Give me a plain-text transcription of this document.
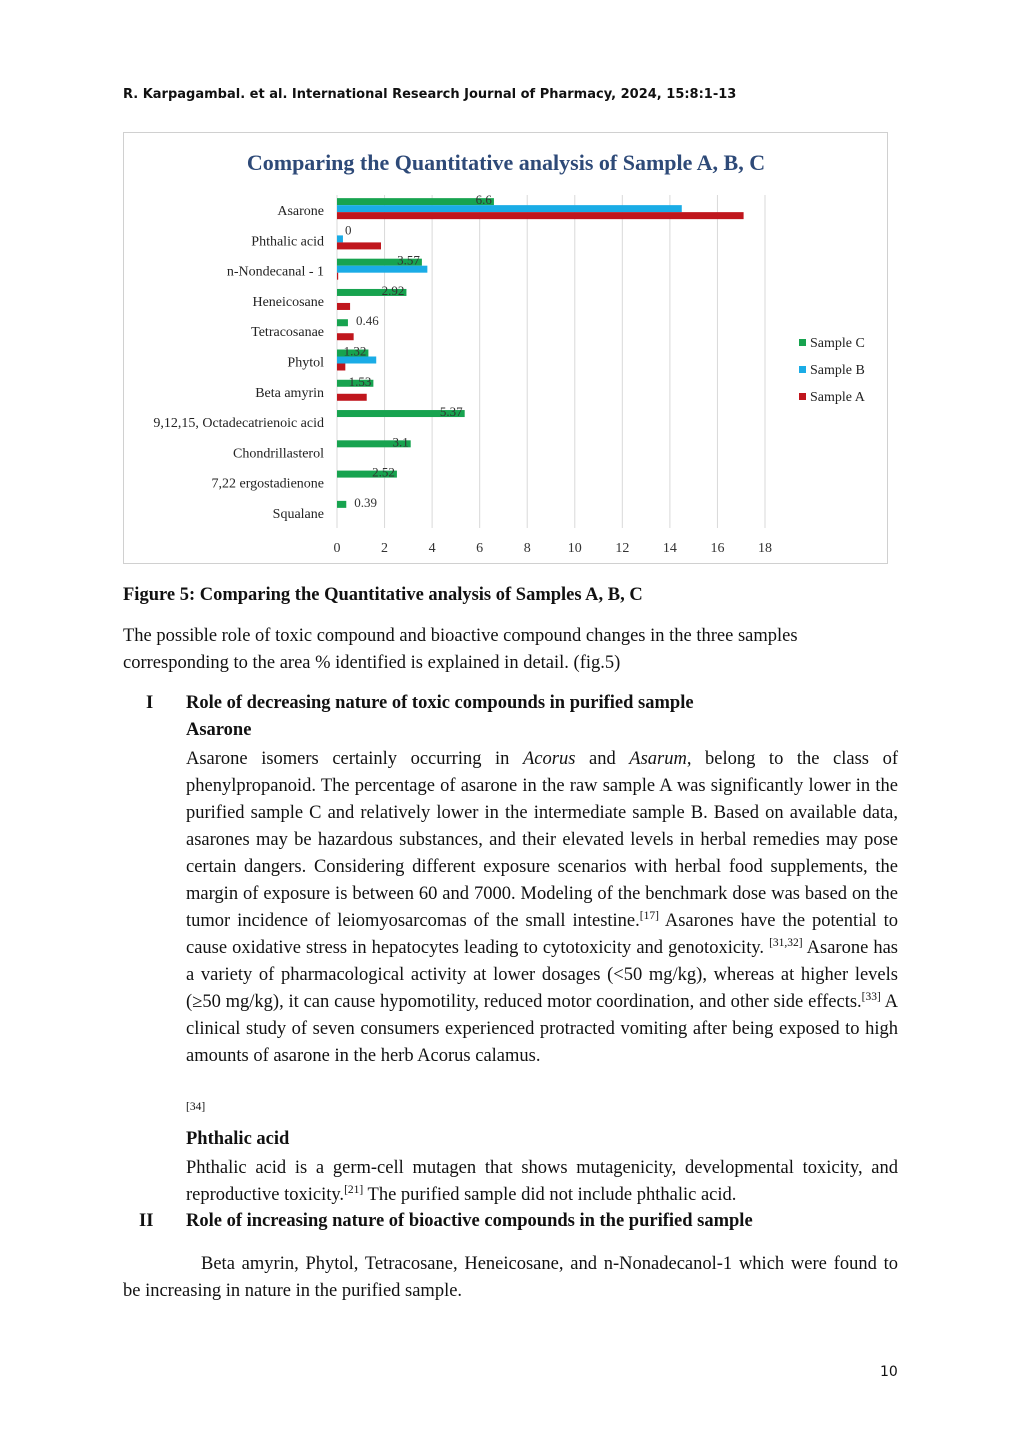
R. Karpagambal. et al. International Research Journal of Pharmacy, 2024, 15:8:1-13
Comparing the Quantitative analysis of Sample A, B, C
Asarone
Phthalic acid
n-Nondecanal - 1
Heneicosane
Tetracosanae
Phytol
Beta amyrin
9,12,15, Octadecatrienoic acid
Chondrillasterol
7,22 ergostadienone
Squalane
0	2	4	6	8	10 12 14 16 18
6.6
0
3.57
2.92
0.46
1.32
1.53
5.37
3.1
2.52
0.39
Sample C
Sample B
Sample A
Figure 5: Comparing the Quantitative analysis of Samples A, B, C
The possible role of toxic compound and bioactive compound changes in the three samples corresponding to the area % identified is explained in detail. (fig.5)
I Role of decreasing nature of toxic compounds in purified sample
Asarone
Asarone isomers certainly occurring in Acorus and Asarum, belong to the class of phenylpropanoid. The percentage of asarone in the raw sample A was significantly lower in the purified sample C and relatively lower in the intermediate sample B. Based on available data, asarones may be hazardous substances, and their elevated levels in herbal remedies may pose certain dangers. Considering different exposure scenarios with herbal food supplements, the margin of exposure is between 60 and 7000. Modeling of the benchmark dose was based on the tumor incidence of leiomyosarcomas of the small intestine.[17] Asarones have the potential to cause oxidative stress in hepatocytes leading to cytotoxicity and genotoxicity. [31,32] Asarone has a variety of pharmacological activity at lower dosages (<50 mg/kg), whereas at higher levels (≥50 mg/kg), it can cause hypomotility, reduced motor coordination, and other side effects.[33] A clinical study of seven consumers experienced protracted vomiting after being exposed to high amounts of asarone in the herb Acorus calamus.
[34]
Phthalic acid
Phthalic acid is a germ-cell mutagen that shows mutagenicity, developmental toxicity, and reproductive toxicity.[21] The purified sample did not include phthalic acid.
II Role of increasing nature of bioactive compounds in the purified sample
Beta amyrin, Phytol, Tetracosane, Heneicosane, and n-Nonadecanol-1 which were found to be increasing in nature in the purified sample.
10
